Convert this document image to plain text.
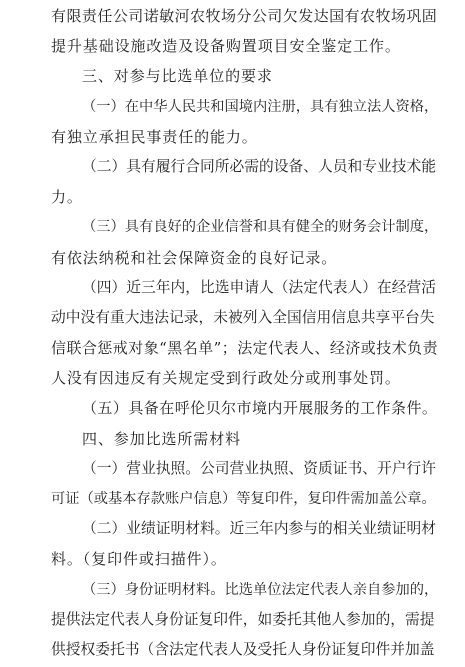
有限责任公司诺敏河农牧场分公司欠发达国有农牧场巩固
提升基础设施改造及设备购置项目安全鉴定工作。
三、对参与比选单位的要求
（一）在中华人民共和国境内注册，具有独立法人资格，
有独立承担民事责任的能力。
（二）具有履行合同所必需的设备、人员和专业技术能
力。
（三）具有良好的企业信誉和具有健全的财务会计制度，
有依法纳税和社会保障资金的良好记录。
（四）近三年内，比选申请人（法定代表人）在经营活
动中没有重大违法记录，未被列入全国信用信息共享平台失
信联合惩戒对象“黑名单”；法定代表人、经济或技术负责
人没有因违反有关规定受到行政处分或刑事处罚。
（五）具备在呼伦贝尔市境内开展服务的工作条件。
四、参加比选所需材料
（一）营业执照。公司营业执照、资质证书、开户行许
可证（或基本存款账户信息）等复印件，复印件需加盖公章。
（二）业绩证明材料。近三年内参与的相关业绩证明材
料。（复印件或扫描件）。
（三）身份证明材料。比选单位法定代表人亲自参加的，
提供法定代表人身份证复印件，如委托其他人参加的，需提
供授权委托书（含法定代表人及受托人身份证复印件并加盖
